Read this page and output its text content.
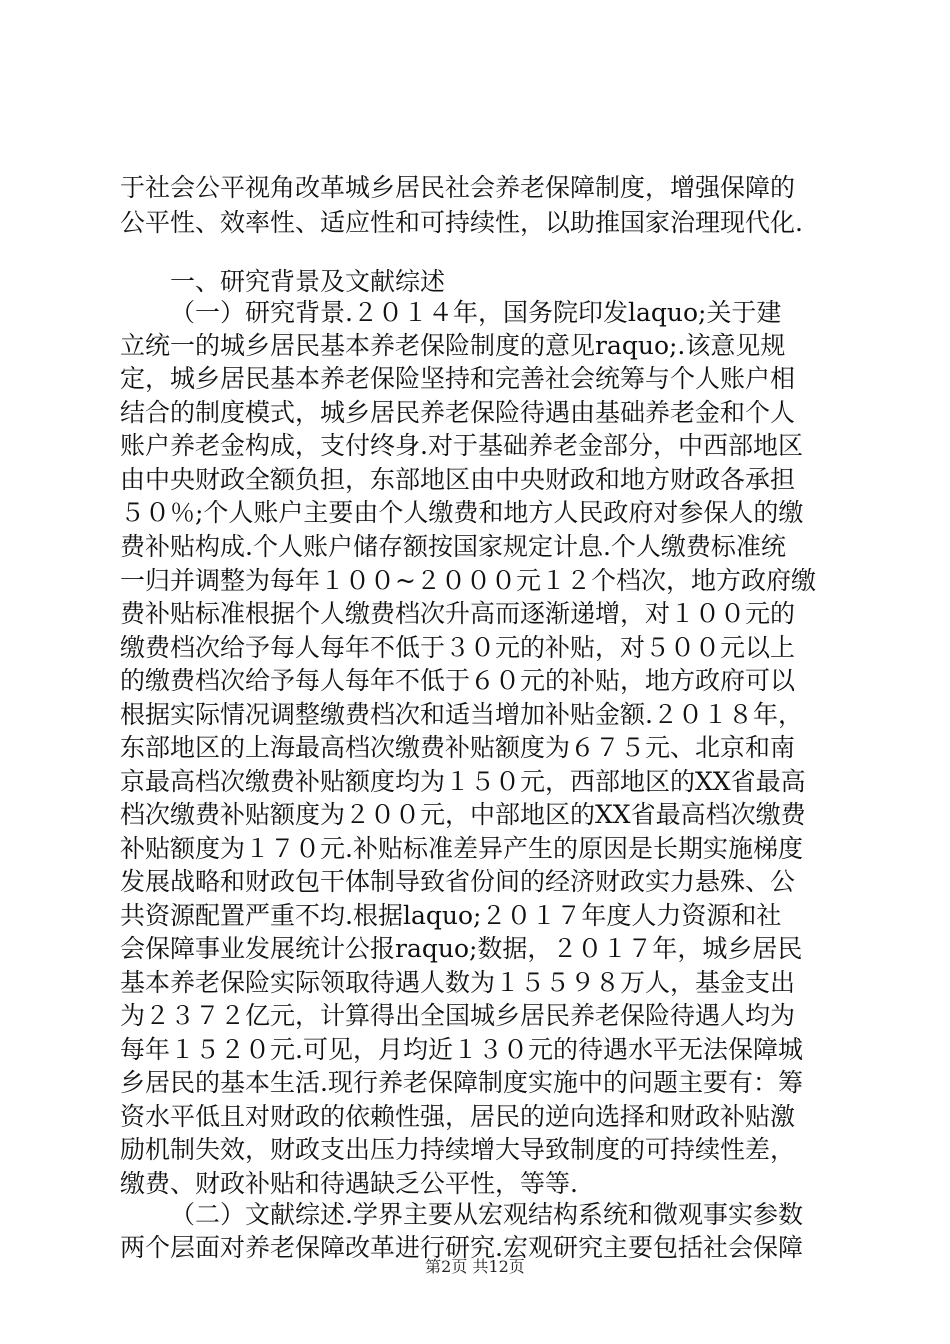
于社会公平视角改革城乡居民社会养老保障制度，增强保障的
公平性、效率性、适应性和可持续性，以助推国家治理现代化.
一、研究背景及文献综述
（一）研究背景.２０１４年，国务院印发laquo;关于建
立统一的城乡居民基本养老保险制度的意见raquo;.该意见规
定，城乡居民基本养老保险坚持和完善社会统筹与个人账户相
结合的制度模式，城乡居民养老保险待遇由基础养老金和个人
账户养老金构成，支付终身.对于基础养老金部分，中西部地区
由中央财政全额负担，东部地区由中央财政和地方财政各承担
５０％;个人账户主要由个人缴费和地方人民政府对参保人的缴
费补贴构成.个人账户储存额按国家规定计息.个人缴费标准统
一归并调整为每年１００~２０００元１２个档次，地方政府缴
费补贴标准根据个人缴费档次升高而逐渐递增，对１００元的
缴费档次给予每人每年不低于３０元的补贴，对５００元以上
的缴费档次给予每人每年不低于６０元的补贴，地方政府可以
根据实际情况调整缴费档次和适当增加补贴金额.２０１８年，
东部地区的上海最高档次缴费补贴额度为６７５元、北京和南
京最高档次缴费补贴额度均为１５０元，西部地区的XX省最高
档次缴费补贴额度为２００元，中部地区的XX省最高档次缴费
补贴额度为１７０元.补贴标准差异产生的原因是长期实施梯度
发展战略和财政包干体制导致省份间的经济财政实力悬殊、公
共资源配置严重不均.根据laquo;２０１７年度人力资源和社
会保障事业发展统计公报raquo;数据，２０１７年，城乡居民
基本养老保险实际领取待遇人数为１５５９８万人，基金支出
为２３７２亿元，计算得出全国城乡居民养老保险待遇人均为
每年１５２０元.可见，月均近１３０元的待遇水平无法保障城
乡居民的基本生活.现行养老保障制度实施中的问题主要有：筹
资水平低且对财政的依赖性强，居民的逆向选择和财政补贴激
励机制失效，财政支出压力持续增大导致制度的可持续性差，
缴费、财政补贴和待遇缺乏公平性，等等.
（二）文献综述.学界主要从宏观结构系统和微观事实参数
两个层面对养老保障改革进行研究.宏观研究主要包括社会保障
第2页 共12页
